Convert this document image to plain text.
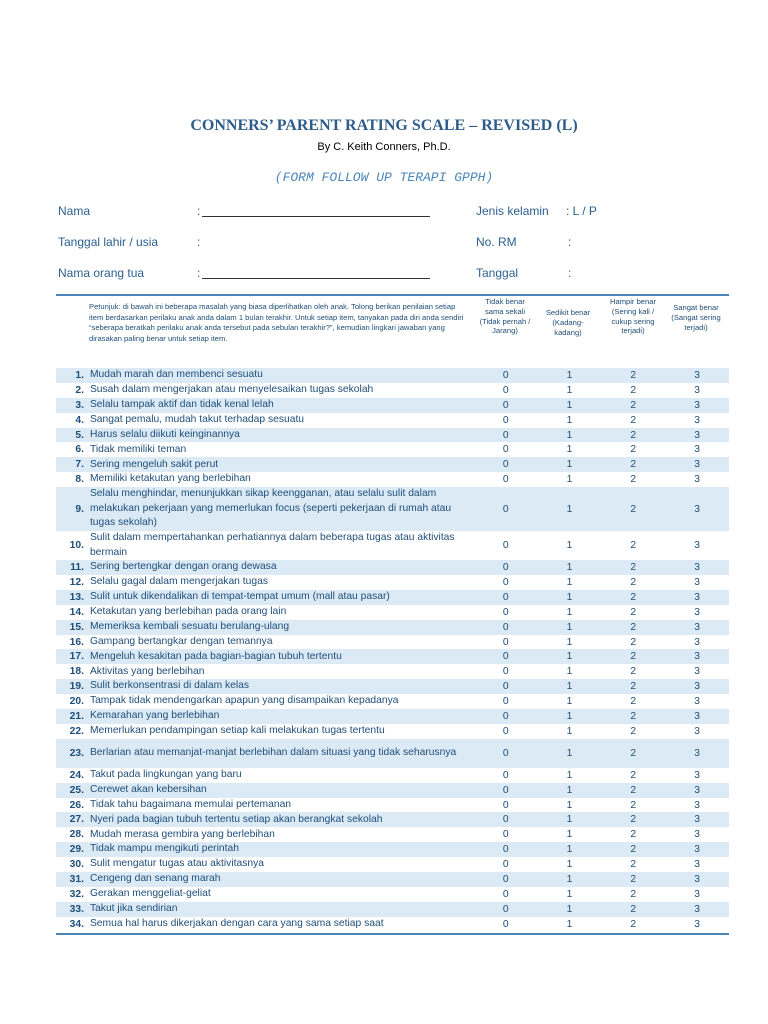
CONNERS’ PARENT RATING SCALE – REVISED (L)
By C. Keith Conners, Ph.D.
(FORM FOLLOW UP TERAPI GPPH)
Nama	:
Tanggal lahir / usia	:
Nama orang tua	:
Jenis kelamin : L / P
No. RM	:
Tanggal	:
Petunjuk: di bawah ini beberapa masalah yang biasa diperlihatkan oleh anak. Tolong berikan penilaian setiap item berdasarkan perilaku anak anda dalam 1 bulan terakhir. Untuk setiap item, tanyakan pada diri anda sendiri “seberapa beratkah perilaku anak anda tersebut pada sebulan terakhir?”, kemudian lingkari jawaban yang dirasakan paling benar untuk setiap item.
Tidak benar sama sekali (Tidak pernah / Jarang)
Sedikit benar (Kadang-kadang)
Hampir benar (Sering kali / cukup sering terjadi)
Sangat benar (Sangat sering terjadi)
1.	Mudah marah dan membenci sesuatu	0	1	2	3
2.	Susah dalam mengerjakan atau menyelesaikan tugas sekolah	0	1	2	3
3.	Selalu tampak aktif dan tidak kenal lelah	0	1	2	3
4.	Sangat pemalu, mudah takut terhadap sesuatu	0	1	2	3
5.	Harus selalu diikuti keinginannya	0	1	2	3
6.	Tidak memiliki teman	0	1	2	3
7.	Sering mengeluh sakit perut	0	1	2	3
8.	Memiliki ketakutan yang berlebihan	0	1	2	3
9.	Selalu menghindar, menunjukkan sikap keengganan, atau selalu sulit dalam melakukan pekerjaan yang memerlukan focus (seperti pekerjaan di rumah atau tugas sekolah)	0	1	2	3
10.	Sulit dalam mempertahankan perhatiannya dalam beberapa tugas atau aktivitas bermain	0	1	2	3
11.	Sering bertengkar dengan orang dewasa	0	1	2	3
12.	Selalu gagal dalam mengerjakan tugas	0	1	2	3
13.	Sulit untuk dikendalikan di tempat-tempat umum (mall atau pasar)	0	1	2	3
14.	Ketakutan yang berlebihan pada orang lain	0	1	2	3
15.	Memeriksa kembali sesuatu berulang-ulang	0	1	2	3
16.	Gampang bertangkar dengan temannya	0	1	2	3
17.	Mengeluh kesakitan pada bagian-bagian tubuh tertentu	0	1	2	3
18.	Aktivitas yang berlebihan	0	1	2	3
19.	Sulit berkonsentrasi di dalam kelas	0	1	2	3
20.	Tampak tidak mendengarkan apapun yang disampaikan kepadanya	0	1	2	3
21.	Kemarahan yang berlebihan	0	1	2	3
22.	Memerlukan pendampingan setiap kali melakukan tugas tertentu	0	1	2	3
23.	Berlarian atau memanjat-manjat berlebihan dalam situasi yang tidak seharusnya	0	1	2	3
24.	Takut pada lingkungan yang baru	0	1	2	3
25.	Cerewet akan kebersihan	0	1	2	3
26.	Tidak tahu bagaimana memulai pertemanan	0	1	2	3
27.	Nyeri pada bagian tubuh tertentu setiap akan berangkat sekolah	0	1	2	3
28.	Mudah merasa gembira yang berlebihan	0	1	2	3
29.	Tidak mampu mengikuti perintah	0	1	2	3
30.	Sulit mengatur tugas atau aktivitasnya	0	1	2	3
31.	Cengeng dan senang marah	0	1	2	3
32.	Gerakan menggeliat-geliat	0	1	2	3
33.	Takut jika sendirian	0	1	2	3
34.	Semua hal harus dikerjakan dengan cara yang sama setiap saat	0	1	2	3
